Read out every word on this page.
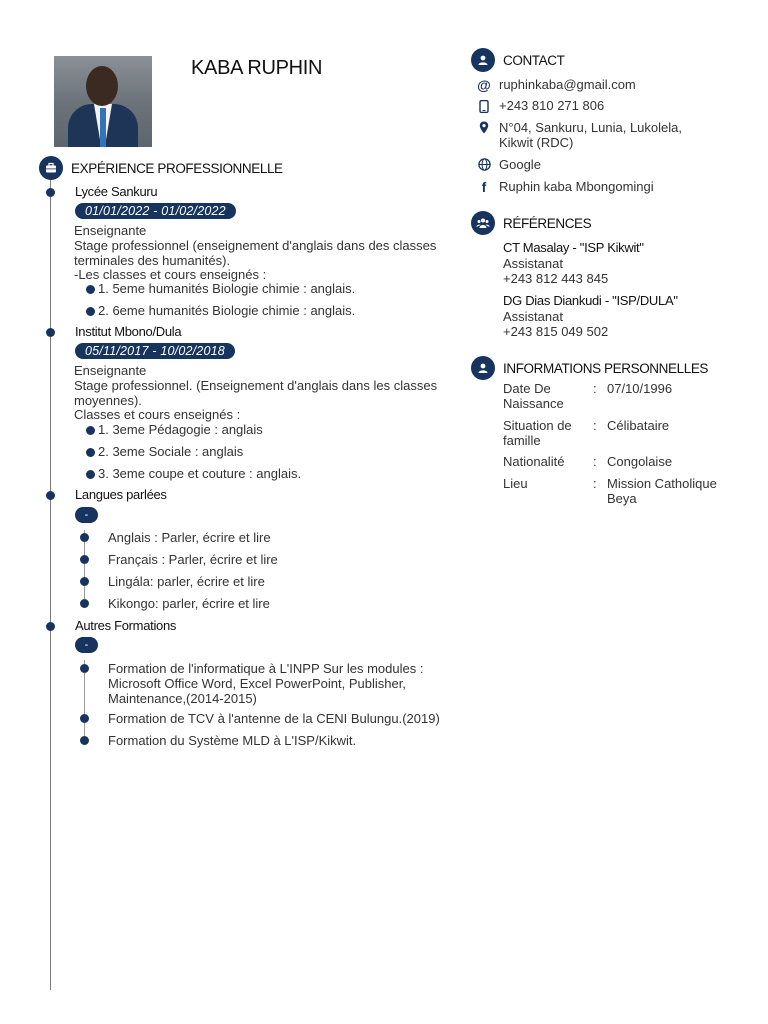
KABA RUPHIN
EXPÉRIENCE PROFESSIONNELLE
Lycée Sankuru
01/01/2022 - 01/02/2022
Enseignante
Stage professionnel (enseignement d'anglais dans des classes terminales des humanités).
-Les classes et cours enseignés :
1. 5eme humanités Biologie chimie : anglais.
2. 6eme humanités Biologie chimie : anglais.
Institut Mbono/Dula
05/11/2017 - 10/02/2018
Enseignante
Stage professionnel. (Enseignement d'anglais dans les classes moyennes).
Classes et cours enseignés :
1. 3eme Pédagogie : anglais
2. 3eme Sociale : anglais
3. 3eme coupe et couture : anglais.
Langues parlées
-
Anglais : Parler, écrire et lire
Français : Parler, écrire et lire
Lingála: parler, écrire et lire
Kikongo: parler, écrire et lire
Autres Formations
-
Formation de l'informatique à L'INPP Sur les modules : Microsoft Office Word, Excel PowerPoint, Publisher, Maintenance,(2014-2015)
Formation de TCV à l'antenne de la CENI Bulungu.(2019)
Formation du Système MLD à L'ISP/Kikwit.
CONTACT
@ ruphinkaba@gmail.com
+243 810 271 806
N°04, Sankuru, Lunia, Lukolela, Kikwit (RDC)
Google
f Ruphin kaba Mbongomingi
RÉFÉRENCES
CT Masalay - "ISP Kikwit"
Assistanat
+243 812 443 845
DG Dias Diankudi - "ISP/DULA"
Assistanat
+243 815 049 502
INFORMATIONS PERSONNELLES
Date De Naissance
: 07/10/1996
Situation de famille
: Célibataire
Nationalité	: Congolaise
Lieu	: Mission Catholique Beya
